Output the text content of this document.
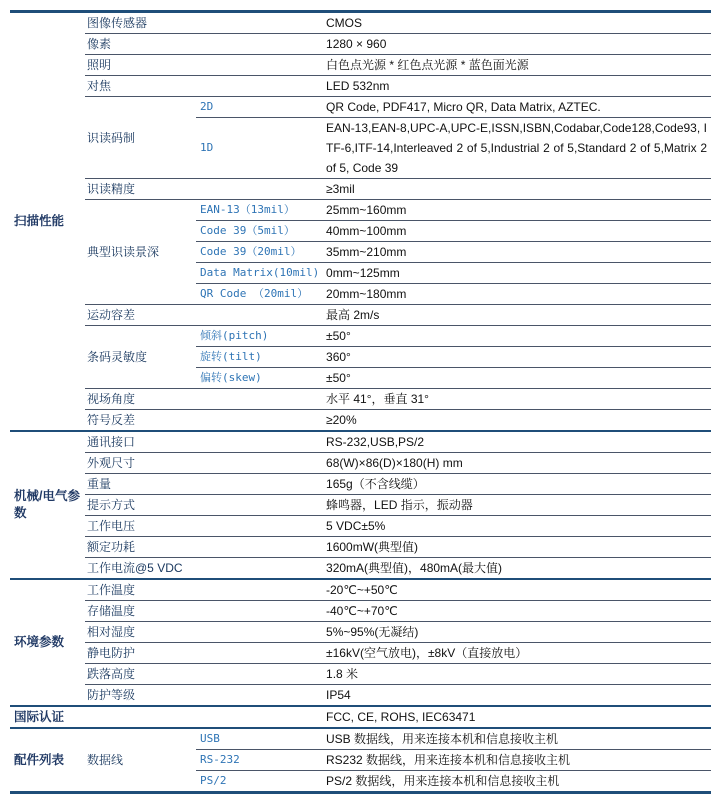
扫描性能	图像传感器		CMOS
	像素		1280 × 960
	照明		白色点光源 * 红色点光源 * 蓝色面光源
	对焦		LED 532nm
	识读码制	2D	QR Code, PDF417, Micro QR, Data Matrix, AZTEC.
		1D	EAN-13,EAN-8,UPC-A,UPC-E,ISSN,ISBN,Codabar,Code128,Code93, ITF-6,ITF-14,Interleaved 2 of 5,Industrial 2 of 5,Standard 2 of 5,Matrix 2 of 5, Code 39
	识读精度		≥3mil
	典型识读景深	EAN-13（13mil）	25mm~160mm
		Code 39（5mil）	40mm~100mm
		Code 39（20mil）	35mm~210mm
		Data Matrix(10mil)	0mm~125mm
		QR Code （20mil）	20mm~180mm
	运动容差		最高 2m/s
	条码灵敏度	倾斜(pitch)	±50°
		旋转(tilt)	360°
		偏转(skew)	±50°
	视场角度		水平 41°，垂直 31°
	符号反差		≥20%
机械/电气参数	通讯接口		RS-232,USB,PS/2
	外观尺寸		68(W)×86(D)×180(H) mm
	重量		165g（不含线缆）
	提示方式		蜂鸣器，LED 指示，振动器
	工作电压		5 VDC±5%
	额定功耗		1600mW(典型值)
	工作电流@5 VDC		320mA(典型值)，480mA(最大值)
环境参数	工作温度		-20℃~+50℃
	存储温度		-40℃~+70℃
	相对湿度		5%~95%(无凝结)
	静电防护		±16kV(空气放电)，±8kV（直接放电）
	跌落高度		1.8 米
	防护等级		IP54
国际认证			FCC, CE, ROHS, IEC63471
配件列表	数据线	USB	USB 数据线，用来连接本机和信息接收主机
		RS-232	RS232 数据线，用来连接本机和信息接收主机
		PS/2	PS/2 数据线，用来连接本机和信息接收主机
